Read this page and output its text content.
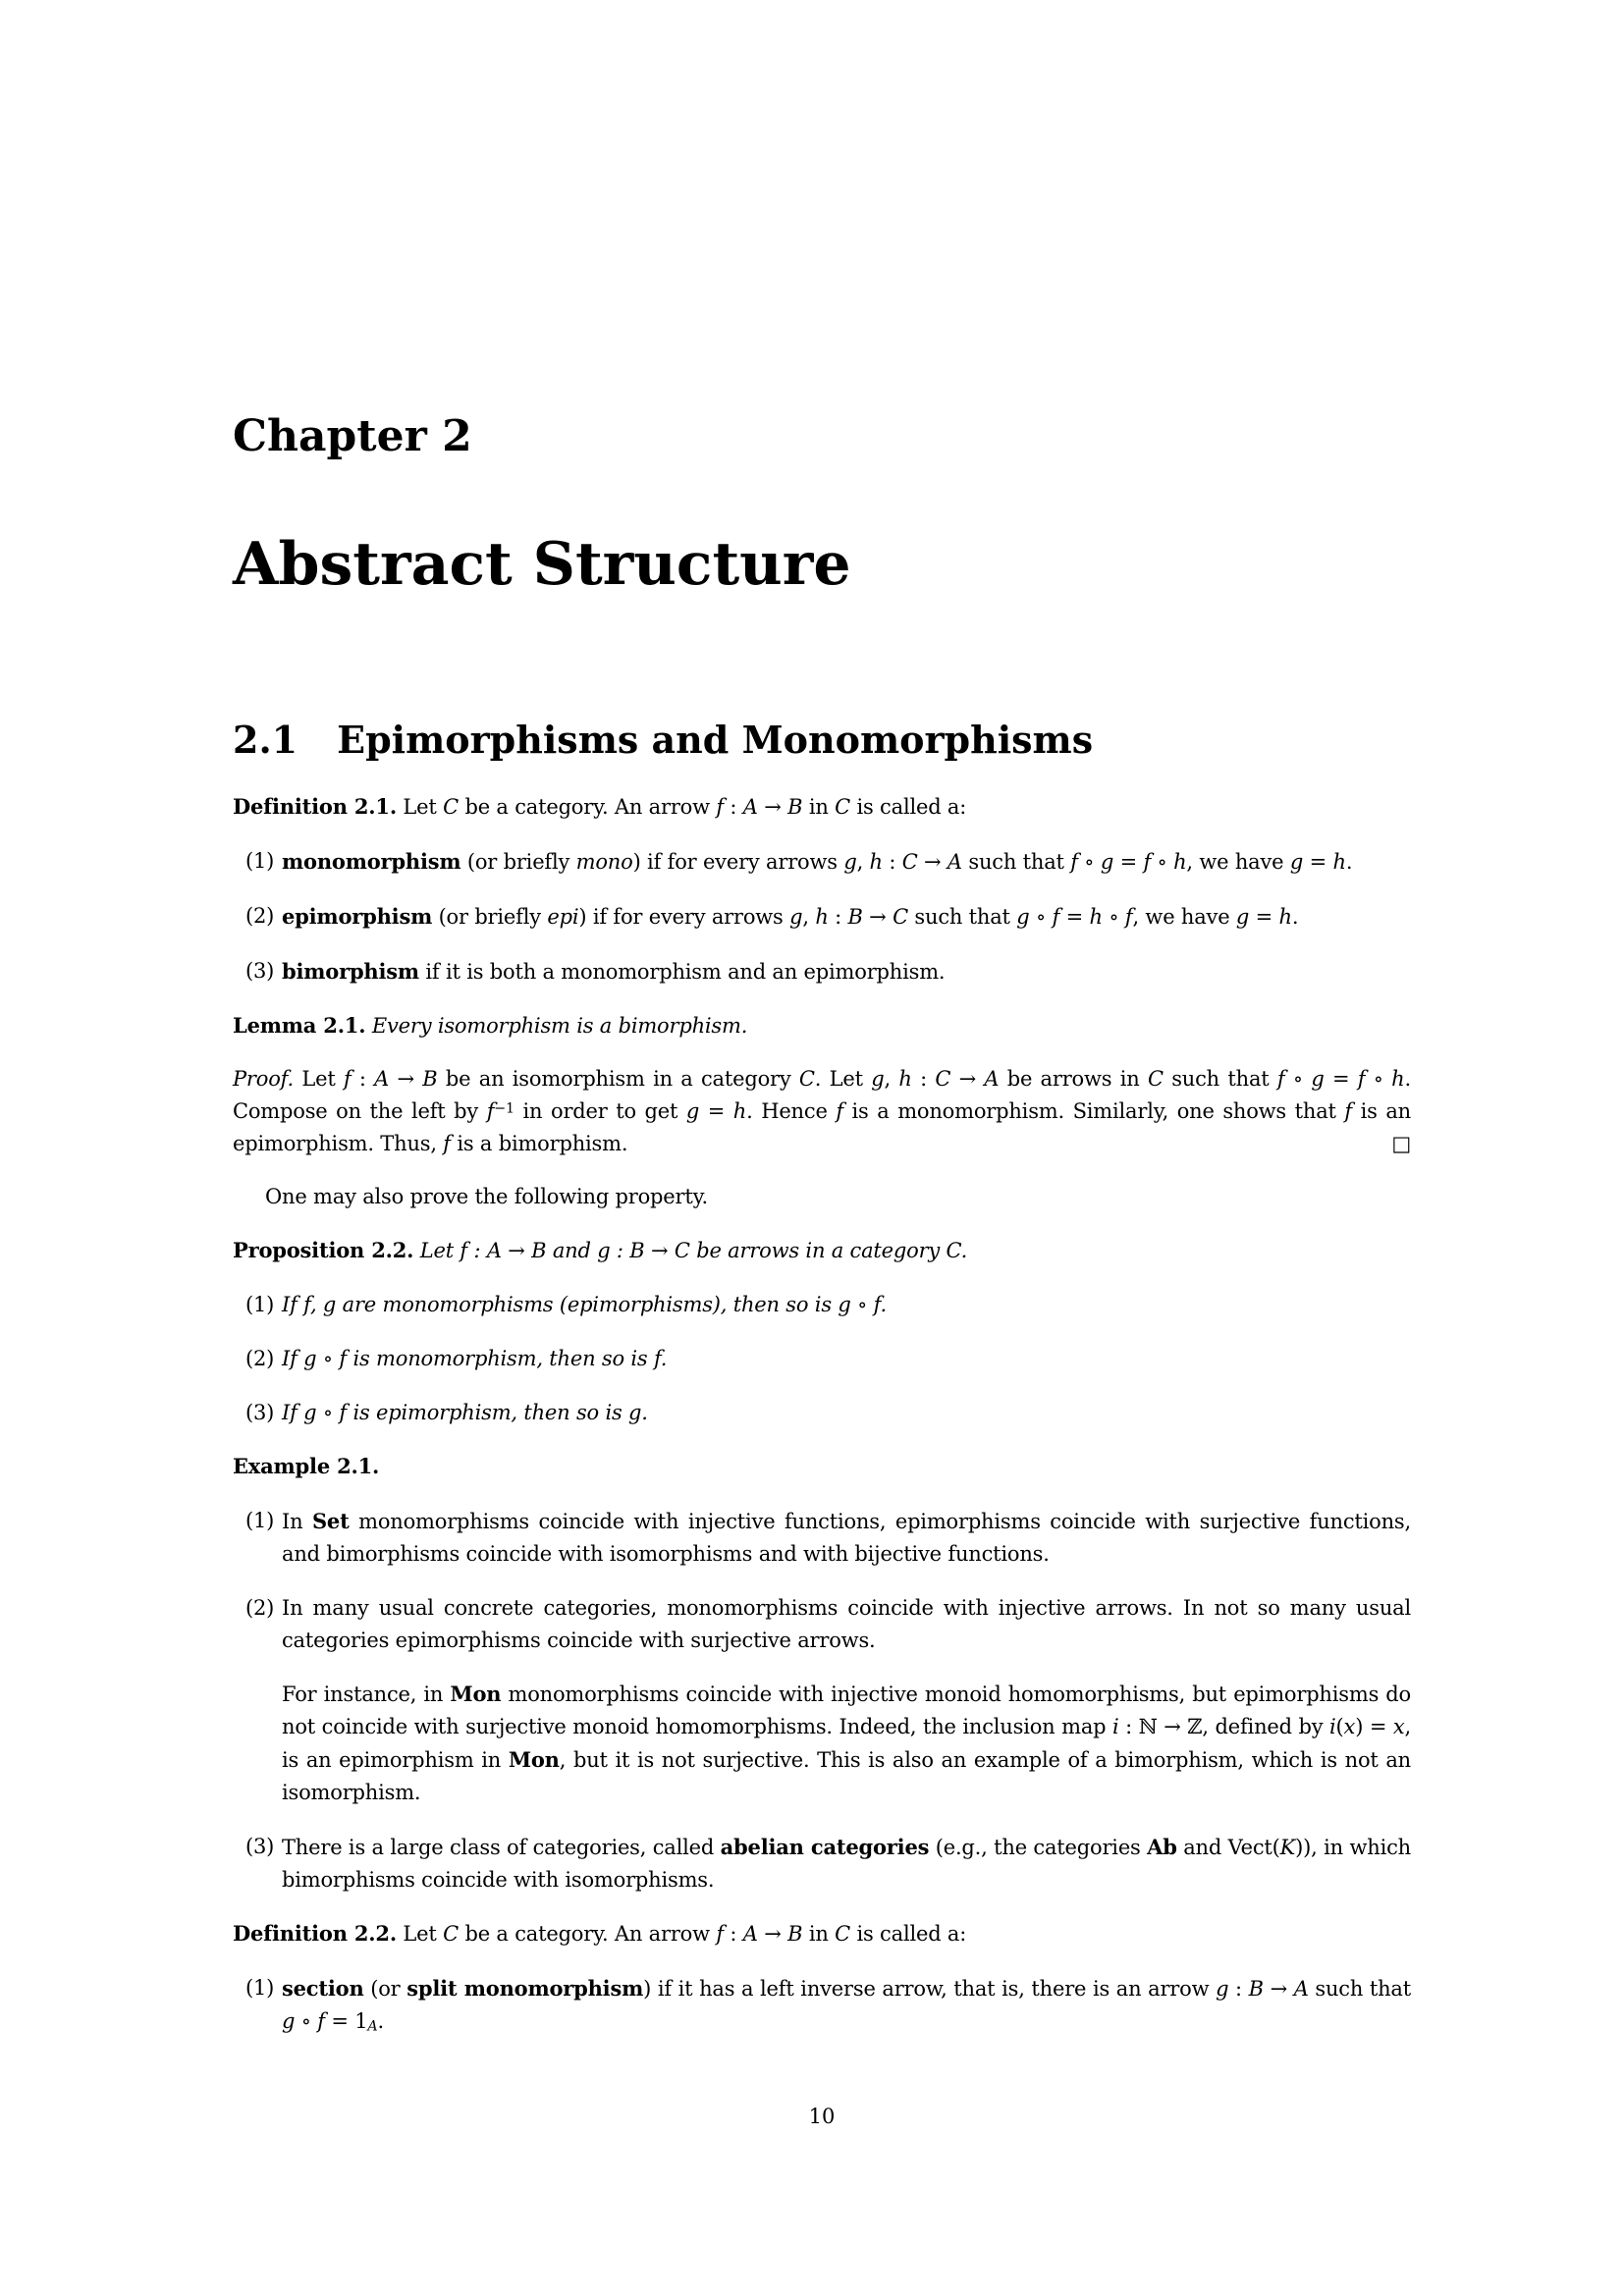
Chapter 2
Abstract Structure
2.1 Epimorphisms and Monomorphisms

Definition 2.1. Let C be a category. An arrow f : A → B in C is called a:

(1) monomorphism (or briefly mono) if for every arrows g, h : C → A such that f ∘ g = f ∘ h, we have g = h.
(2) epimorphism (or briefly epi) if for every arrows g, h : B → C such that g ∘ f = h ∘ f, we have g = h.
(3) bimorphism if it is both a monomorphism and an epimorphism.

Lemma 2.1. Every isomorphism is a bimorphism.

Proof. Let f : A → B be an isomorphism in a category C. Let g, h : C → A be arrows in C such that f ∘ g = f ∘ h. Compose on the left by $f^{-1}$ in order to get g = h. Hence f is a monomorphism. Similarly, one shows that f is an epimorphism. Thus, f is a bimorphism.	□

One may also prove the following property.

Proposition 2.2. Let f : A → B and g : B → C be arrows in a category C.

(1) If f, g are monomorphisms (epimorphisms), then so is g ∘ f.
(2) If g ∘ f is monomorphism, then so is f.
(3) If g ∘ f is epimorphism, then so is g.

Example 2.1.

(1) In Set monomorphisms coincide with injective functions, epimorphisms coincide with surjective functions, and bimorphisms coincide with isomorphisms and with bijective functions.
(2) In many usual concrete categories, monomorphisms coincide with injective arrows. In not so many usual categories epimorphisms coincide with surjective arrows.

For instance, in Mon monomorphisms coincide with injective monoid homomorphisms, but epimorphisms do not coincide with surjective monoid homomorphisms. Indeed, the inclusion map i : ℕ → ℤ, defined by i(x) = x, is an epimorphism in Mon, but it is not surjective. This is also an example of a bimorphism, which is not an isomorphism.

(3) There is a large class of categories, called abelian categories (e.g., the categories Ab and Vect(K)), in which bimorphisms coincide with isomorphisms.

Definition 2.2. Let C be a category. An arrow f : A → B in C is called a:

(1) section (or split monomorphism) if it has a left inverse arrow, that is, there is an arrow g : B → A such that g ∘ $f = 1_A$.
10
